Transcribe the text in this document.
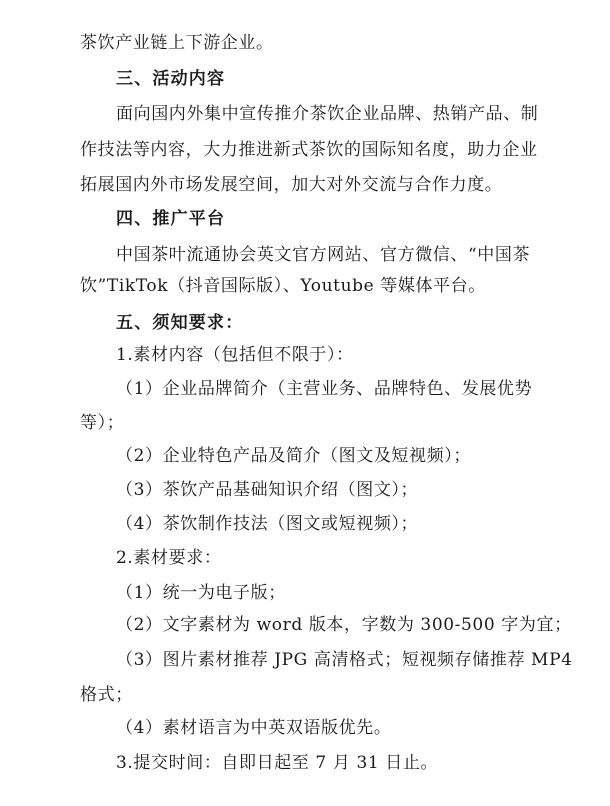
茶饮产业链上下游企业。
三、活动内容
面向国内外集中宣传推介茶饮企业品牌、热销产品、制
作技法等内容，大力推进新式茶饮的国际知名度，助力企业
拓展国内外市场发展空间，加大对外交流与合作力度。
四、推广平台
中国茶叶流通协会英文官方网站、官方微信、“中国茶
饮”TikTok（抖音国际版）、Youtube 等媒体平台。
五、须知要求：
1.素材内容（包括但不限于）：
（1）企业品牌简介（主营业务、品牌特色、发展优势
等）；
（2）企业特色产品及简介（图文及短视频）；
（3）茶饮产品基础知识介绍（图文）；
（4）茶饮制作技法（图文或短视频）；
2.素材要求：
（1）统一为电子版；
（2）文字素材为 word 版本，字数为 300-500 字为宜；
（3）图片素材推荐 JPG 高清格式；短视频存储推荐 MP4
格式；
（4）素材语言为中英双语版优先。
3.提交时间：自即日起至 7 月 31 日止。
